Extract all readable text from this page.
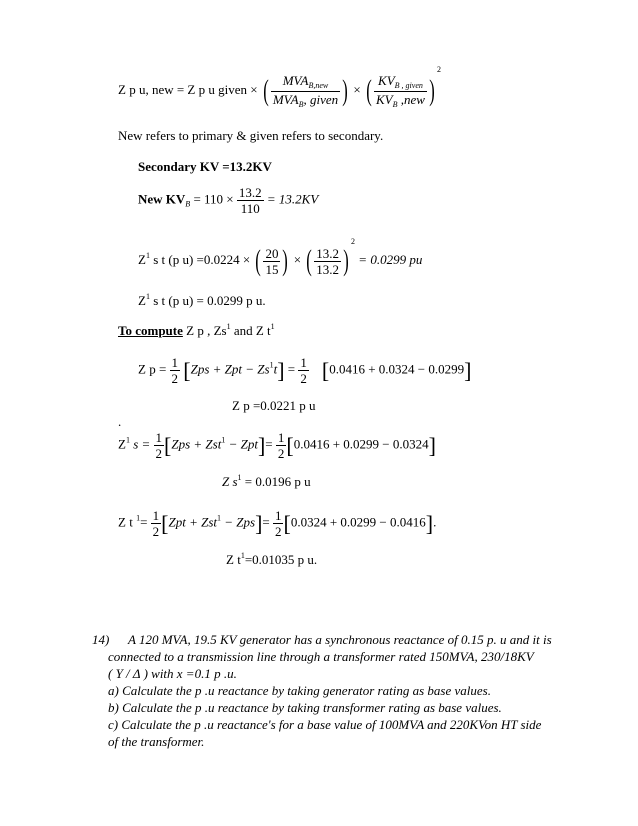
Z p u, new = Z p u given × ( $\frac{MVA_{B,new}}{MVA_B, given}$ ) × ( $\frac{KV_{B , given}}{KV_B ,new} )^2$
New refers to primary & given refers to secondary.
Secondary KV =13.2KV
New $KV_B = 110 \times \frac{13.2}{110} = 13.2KV$
$Z^1$ s t (p u) =0.0224 × ( $\frac{20}{15}$ ) × ( $\frac{13.2}{13.2} )^2 = 0.0299$ pu
$Z^1$ s t (p u) = 0.0299 p u.
To compute Z p , Zs$^1$ and Z $t^1$
Z $p = \frac{1}{2} [Zps$ + Zpt − $Zs^1t] = \frac{1}{2} [0.0416 + 0.0324 - 0.0299]$
Z p =0.0221 p u
.
$Z^1$ $s = \frac{1}{2} [Zps + Zst^1 - Zpt]= \frac{1}{2} [0.0416 + 0.0299 - 0.0324]$
Z $s^1 = 0.0196$ p u
Z t $^1= \frac{1}{2} [Zpt + Zst^1 - Zps]= \frac{1}{2} [0.0324 + 0.0299 - 0.0416]$.
Z $t^1=0.01035$ p u.
14) A 120 MVA, 19.5 KV generator has a synchronous reactance of 0.15 p. u and it is
connected to a transmission line through a transformer rated 150MVA, 230/18KV
( Y / Δ ) with x =0.1 p .u.
a) Calculate the p .u reactance by taking generator rating as base values.
b) Calculate the p .u reactance by taking transformer rating as base values.
c) Calculate the p .u reactance's for a base value of 100MVA and 220KVon HT side
of the transformer.
